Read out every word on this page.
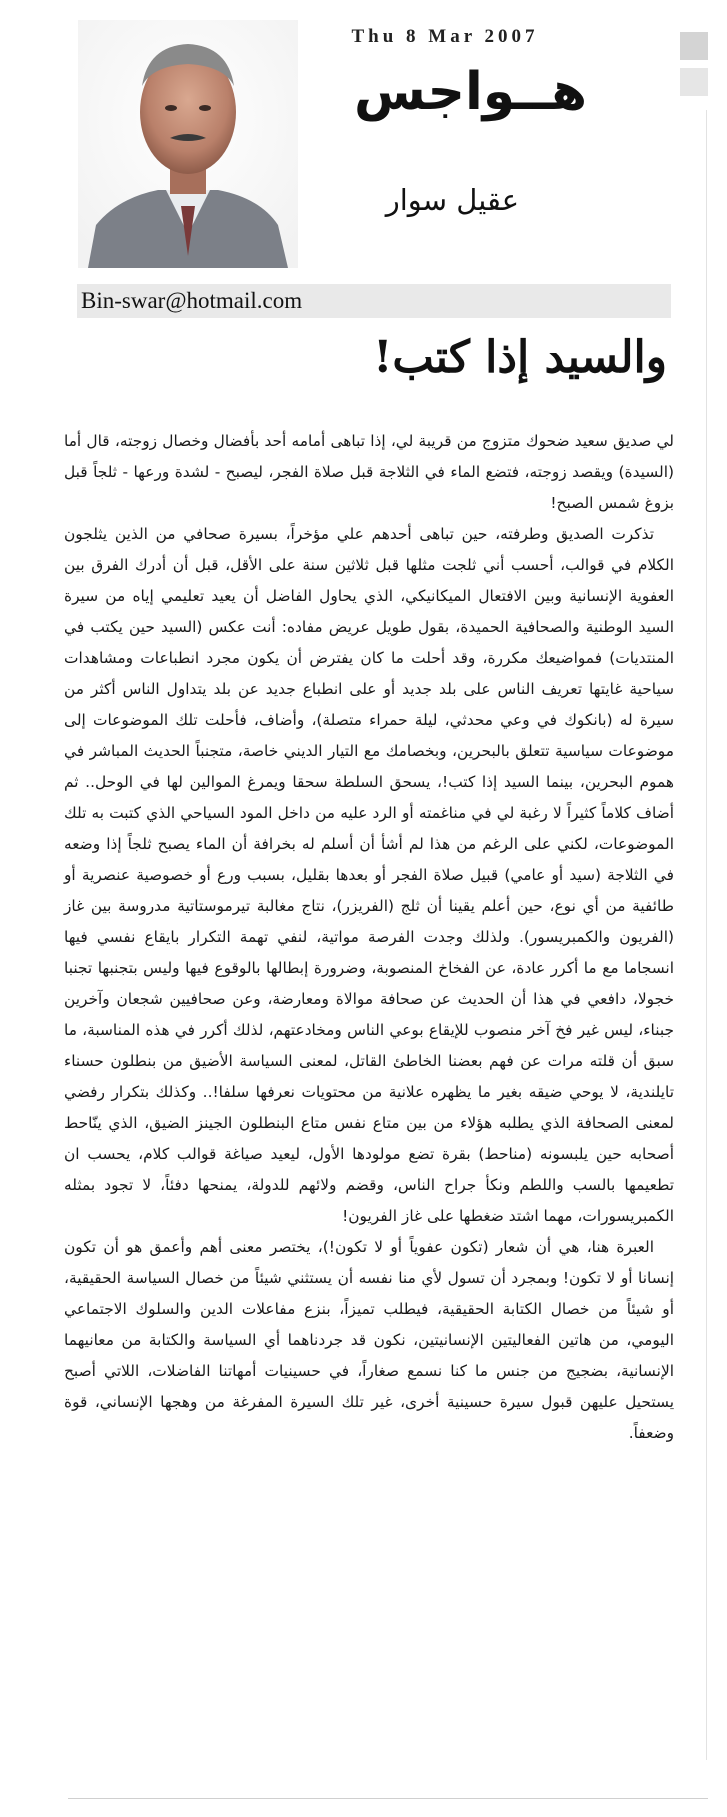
Thu 8 Mar 2007
هــواجس
عقيل سوار
Bin-swar@hotmail.com
والسيد إذا كتب!

لي صديق سعيد ضحوك متزوج من قريبة لي، إذا تباهى أمامه أحد بأفضال وخصال زوجته، قال أما (السيدة) ويقصد زوجته، فتضع الماء في الثلاجة قبل صلاة الفجر، ليصبح - لشدة ورعها - ثلجاً قبل بزوغ شمس الصبح!

تذكرت الصديق وطرفته، حين تباهى أحدهم علي مؤخراً، بسيرة صحافي من الذين يثلجون الكلام في قوالب، أحسب أني ثلجت مثلها قبل ثلاثين سنة على الأقل، قبل أن أدرك الفرق بين العفوية الإنسانية وبين الافتعال الميكانيكي، الذي يحاول الفاضل أن يعيد تعليمي إياه من سيرة السيد الوطنية والصحافية الحميدة، بقول طويل عريض مفاده: أنت عكس (السيد حين يكتب في المنتديات) فمواضيعك مكررة، وقد أحلت ما كان يفترض أن يكون مجرد انطباعات ومشاهدات سياحية غايتها تعريف الناس على بلد جديد أو على انطباع جديد عن بلد يتداول الناس أكثر من سيرة له (بانكوك في وعي محدثي، ليلة حمراء متصلة)، وأضاف، فأحلت تلك الموضوعات إلى موضوعات سياسية تتعلق بالبحرين، وبخصامك مع التيار الديني خاصة، متجنباً الحديث المباشر في هموم البحرين، بينما السيد إذا كتب!، يسحق السلطة سحقا ويمرغ الموالين لها في الوحل.. ثم أضاف كلاماً كثيراً لا رغبة لي في مناغمته أو الرد عليه من داخل المود السياحي الذي كتبت به تلك الموضوعات، لكني على الرغم من هذا لم أشأ أن أسلم له بخرافة أن الماء يصبح ثلجاً إذا وضعه في الثلاجة (سيد أو عامي) قبيل صلاة الفجر أو بعدها بقليل، بسبب ورع أو خصوصية عنصرية أو طائفية من أي نوع، حين أعلم يقينا أن ثلج (الفريزر)، نتاج مغالبة تيرموستاتية مدروسة بين غاز (الفريون والكمبريسور). ولذلك وجدت الفرصة مواتية، لنفي تهمة التكرار بايقاع نفسي فيها انسجاما مع ما أكرر عادة، عن الفخاخ المنصوبة، وضرورة إبطالها بالوقوع فيها وليس بتجنبها تجنبا خجولا، دافعي في هذا أن الحديث عن صحافة موالاة ومعارضة، وعن صحافيين شجعان وآخرين جبناء، ليس غير فخ آخر منصوب للإيقاع بوعي الناس ومخادعتهم، لذلك أكرر في هذه المناسبة، ما سبق أن قلته مرات عن فهم بعضنا الخاطئ القاتل، لمعنى السياسة الأضيق من بنطلون حسناء تايلندية، لا يوحي ضيقه بغير ما يظهره علانية من محتويات نعرفها سلفا!.. وكذلك بتكرار رفضي لمعنى الصحافة الذي يطلبه هؤلاء من بين متاع نفس متاع البنطلون الجينز الضيق، الذي ينّاحط أصحابه حين يلبسونه (مناحط) بقرة تضع مولودها الأول، ليعيد صياغة قوالب كلام، يحسب ان تطعيمها بالسب واللطم ونكأ جراح الناس، وقضم ولائهم للدولة، يمنحها دفئاً، لا تجود بمثله الكمبريسورات، مهما اشتد ضغطها على غاز الفريون!

العبرة هنا، هي أن شعار (تكون عفوياً أو لا تكون!)، يختصر معنى أهم وأعمق هو أن تكون إنسانا أو لا تكون! وبمجرد أن تسول لأي منا نفسه أن يستثني شيئاً من خصال السياسة الحقيقية، أو شيئاً من خصال الكتابة الحقيقية، فيطلب تميزاً، بنزع مفاعلات الدين والسلوك الاجتماعي اليومي، من هاتين الفعاليتين الإنسانيتين، نكون قد جردناهما أي السياسة والكتابة من معانيهما الإنسانية، بضجيج من جنس ما كنا نسمع صغاراً، في حسينيات أمهاتنا الفاضلات، اللاتي أصبح يستحيل عليهن قبول سيرة حسينية أخرى، غير تلك السيرة المفرغة من وهجها الإنساني، قوة وضعفاً.
